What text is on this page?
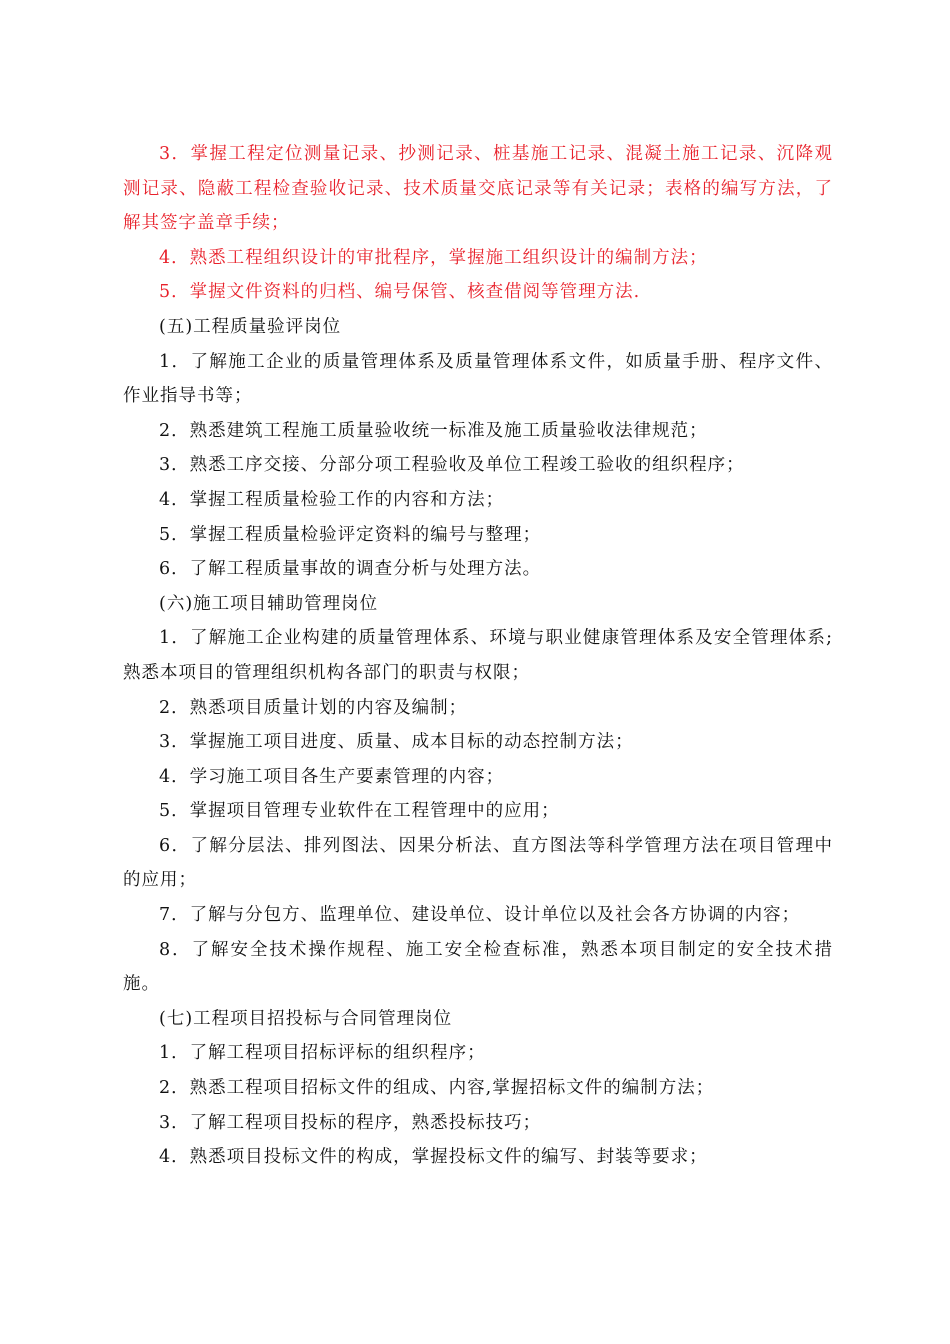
3．掌握工程定位测量记录、抄测记录、桩基施工记录、混凝土施工记录、沉降观测记录、隐蔽工程检查验收记录、技术质量交底记录等有关记录；表格的编写方法，了解其签字盖章手续；

4．熟悉工程组织设计的审批程序，掌握施工组织设计的编制方法；

5．掌握文件资料的归档、编号保管、核查借阅等管理方法.

(五)工程质量验评岗位

1．了解施工企业的质量管理体系及质量管理体系文件，如质量手册、程序文件、作业指导书等；

2．熟悉建筑工程施工质量验收统一标准及施工质量验收法律规范；

3．熟悉工序交接、分部分项工程验收及单位工程竣工验收的组织程序；

4．掌握工程质量检验工作的内容和方法；

5．掌握工程质量检验评定资料的编号与整理；

6．了解工程质量事故的调查分析与处理方法。

(六)施工项目辅助管理岗位

1．了解施工企业构建的质量管理体系、环境与职业健康管理体系及安全管理体系;熟悉本项目的管理组织机构各部门的职责与权限；

2．熟悉项目质量计划的内容及编制；

3．掌握施工项目进度、质量、成本目标的动态控制方法；

4．学习施工项目各生产要素管理的内容；

5．掌握项目管理专业软件在工程管理中的应用；

6．了解分层法、排列图法、因果分析法、直方图法等科学管理方法在项目管理中的应用；

7．了解与分包方、监理单位、建设单位、设计单位以及社会各方协调的内容；

8．了解安全技术操作规程、施工安全检查标准，熟悉本项目制定的安全技术措施。

(七)工程项目招投标与合同管理岗位

1．了解工程项目招标评标的组织程序；

2．熟悉工程项目招标文件的组成、内容,掌握招标文件的编制方法；

3．了解工程项目投标的程序，熟悉投标技巧；

4．熟悉项目投标文件的构成，掌握投标文件的编写、封装等要求；
